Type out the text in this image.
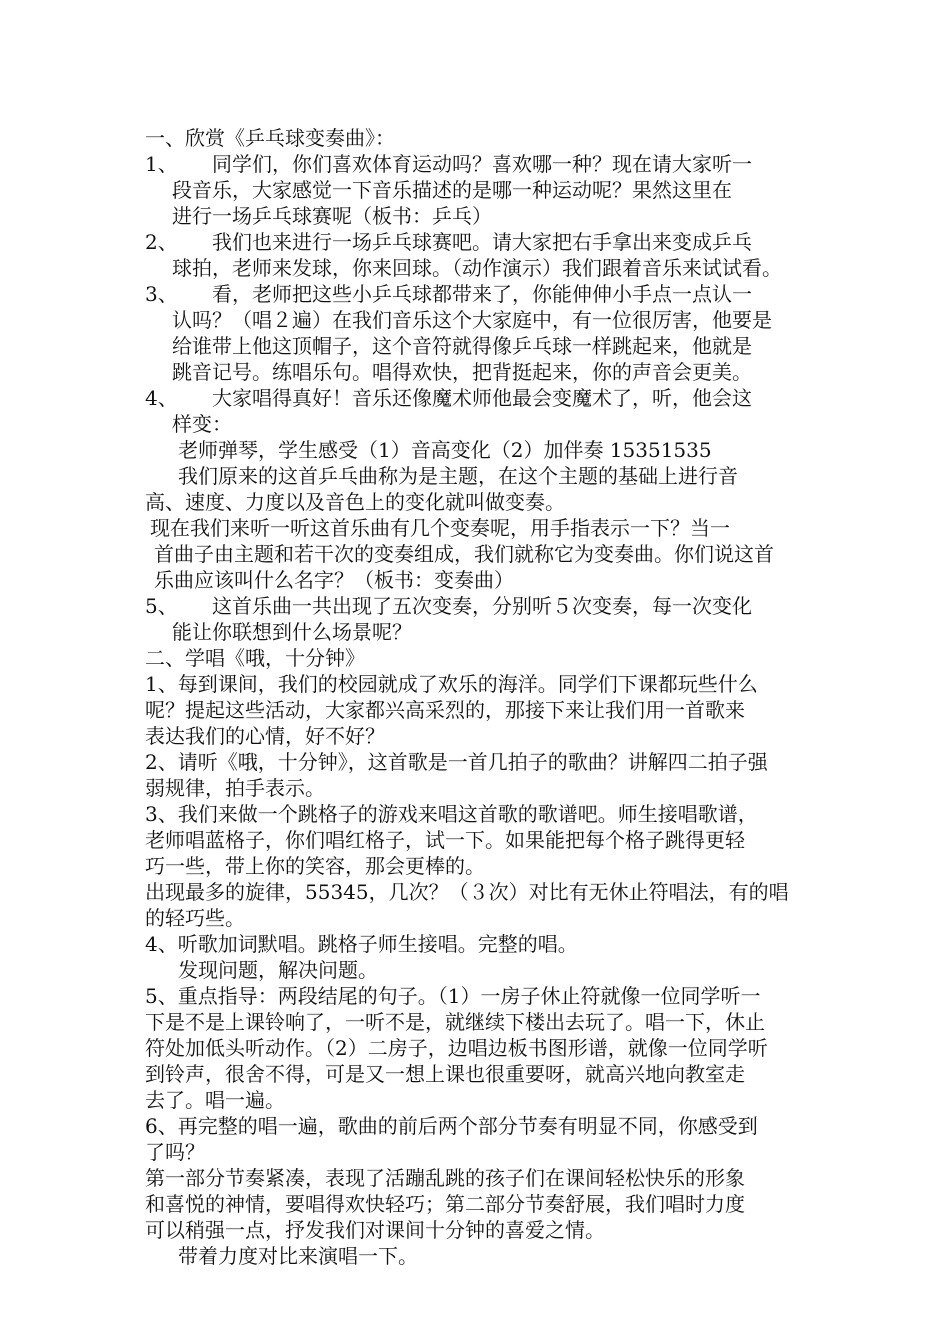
一、欣赏《乒乓球变奏曲》：

1、 同学们，你们喜欢体育运动吗？喜欢哪一种？现在请大家听一

段音乐，大家感觉一下音乐描述的是哪一种运动呢？果然这里在

进行一场乒乓球赛呢（板书：乒乓）

2、 我们也来进行一场乒乓球赛吧。请大家把右手拿出来变成乒乓

球拍，老师来发球，你来回球。（动作演示）我们跟着音乐来试试看。

3、 看，老师把这些小乒乓球都带来了，你能伸伸小手点一点认一

认吗？（唱２遍）在我们音乐这个大家庭中，有一位很厉害，他要是

给谁带上他这顶帽子，这个音符就得像乒乓球一样跳起来，他就是

跳音记号。练唱乐句。唱得欢快，把背挺起来，你的声音会更美。

4、 大家唱得真好！音乐还像魔术师他最会变魔术了，听，他会这

样变：

老师弹琴，学生感受（1）音高变化（2）加伴奏 15351535

我们原来的这首乒乓曲称为是主题，在这个主题的基础上进行音

高、速度、力度以及音色上的变化就叫做变奏。

现在我们来听一听这首乐曲有几个变奏呢，用手指表示一下？当一

首曲子由主题和若干次的变奏组成，我们就称它为变奏曲。你们说这首

乐曲应该叫什么名字？（板书：变奏曲）

5、 这首乐曲一共出现了五次变奏，分别听５次变奏，每一次变化

能让你联想到什么场景呢？

二、学唱《哦，十分钟》

1、每到课间，我们的校园就成了欢乐的海洋。同学们下课都玩些什么

呢？提起这些活动，大家都兴高采烈的，那接下来让我们用一首歌来

表达我们的心情，好不好？

2、请听《哦，十分钟》，这首歌是一首几拍子的歌曲？讲解四二拍子强

弱规律，拍手表示。

3、我们来做一个跳格子的游戏来唱这首歌的歌谱吧。师生接唱歌谱，

老师唱蓝格子，你们唱红格子，试一下。如果能把每个格子跳得更轻

巧一些，带上你的笑容，那会更棒的。

出现最多的旋律，55345，几次？（３次）对比有无休止符唱法，有的唱

的轻巧些。

4、听歌加词默唱。跳格子师生接唱。完整的唱。

发现问题，解决问题。

5、重点指导：两段结尾的句子。（1）一房子休止符就像一位同学听一

下是不是上课铃响了，一听不是，就继续下楼出去玩了。唱一下，休止

符处加低头听动作。（2）二房子，边唱边板书图形谱，就像一位同学听

到铃声，很舍不得，可是又一想上课也很重要呀，就高兴地向教室走

去了。唱一遍。

6、再完整的唱一遍，歌曲的前后两个部分节奏有明显不同，你感受到

了吗？

第一部分节奏紧凑，表现了活蹦乱跳的孩子们在课间轻松快乐的形象

和喜悦的神情，要唱得欢快轻巧；第二部分节奏舒展，我们唱时力度

可以稍强一点，抒发我们对课间十分钟的喜爱之情。

带着力度对比来演唱一下。
